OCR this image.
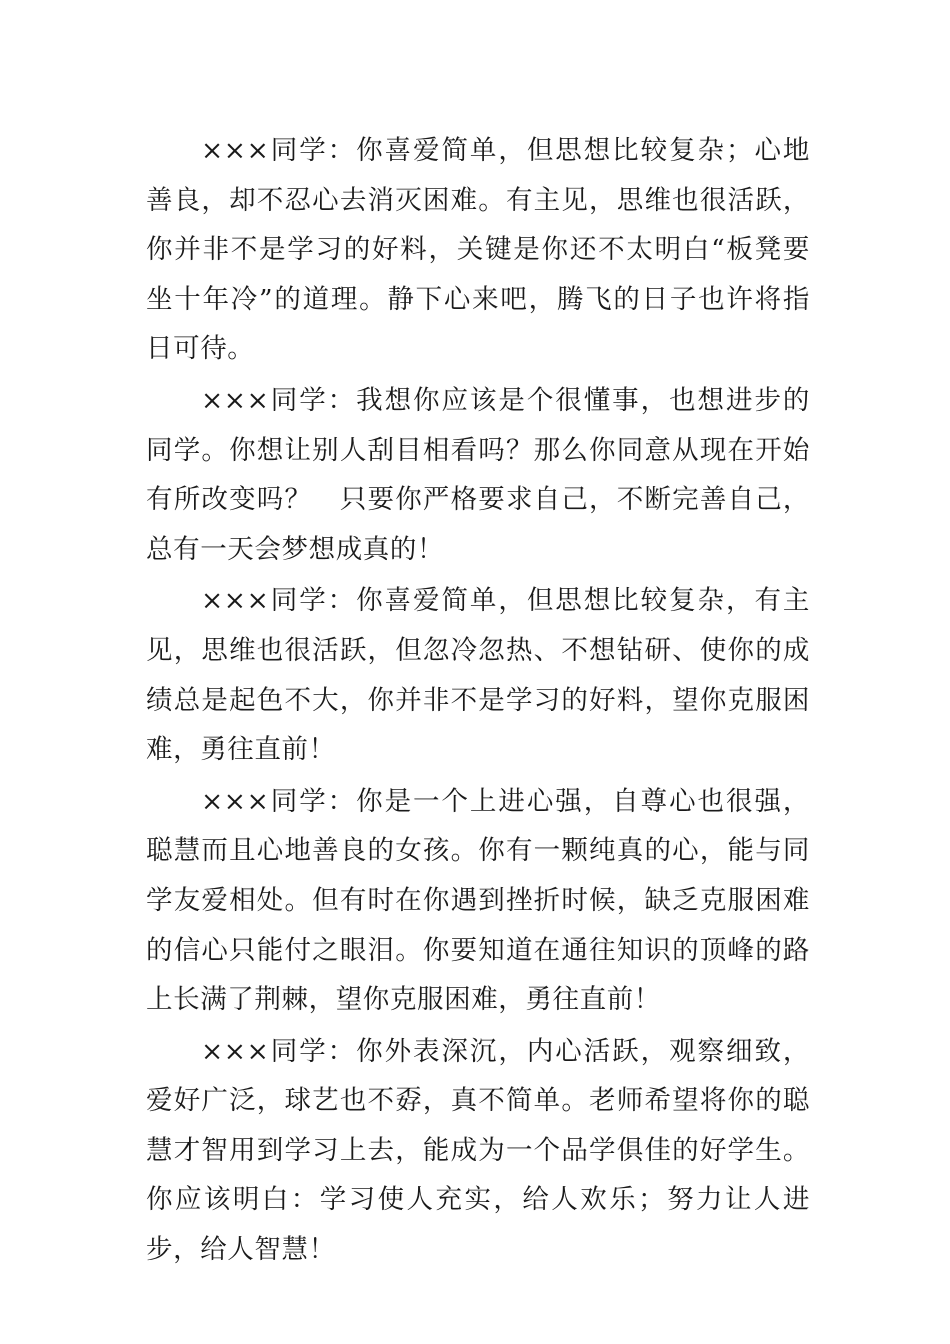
×××同学：你喜爱简单，但思想比较复杂；心地善良，却不忍心去消灭困难。有主见，思维也很活跃，你并非不是学习的好料，关键是你还不太明白“板凳要坐十年冷”的道理。静下心来吧，腾飞的日子也许将指日可待。

×××同学：我想你应该是个很懂事，也想进步的同学。你想让别人刮目相看吗？那么你同意从现在开始有所改变吗？　只要你严格要求自己，不断完善自己，总有一天会梦想成真的！

×××同学：你喜爱简单，但思想比较复杂，有主见，思维也很活跃，但忽冷忽热、不想钻研、使你的成绩总是起色不大，你并非不是学习的好料，望你克服困难，勇往直前！

×××同学：你是一个上进心强，自尊心也很强，聪慧而且心地善良的女孩。你有一颗纯真的心，能与同学友爱相处。但有时在你遇到挫折时候，缺乏克服困难的信心只能付之眼泪。你要知道在通往知识的顶峰的路上长满了荆棘，望你克服困难，勇往直前！

×××同学：你外表深沉，内心活跃，观察细致，爱好广泛，球艺也不孬，真不简单。老师希望将你的聪慧才智用到学习上去，能成为一个品学俱佳的好学生。你应该明白：学习使人充实，给人欢乐；努力让人进步，给人智慧！
